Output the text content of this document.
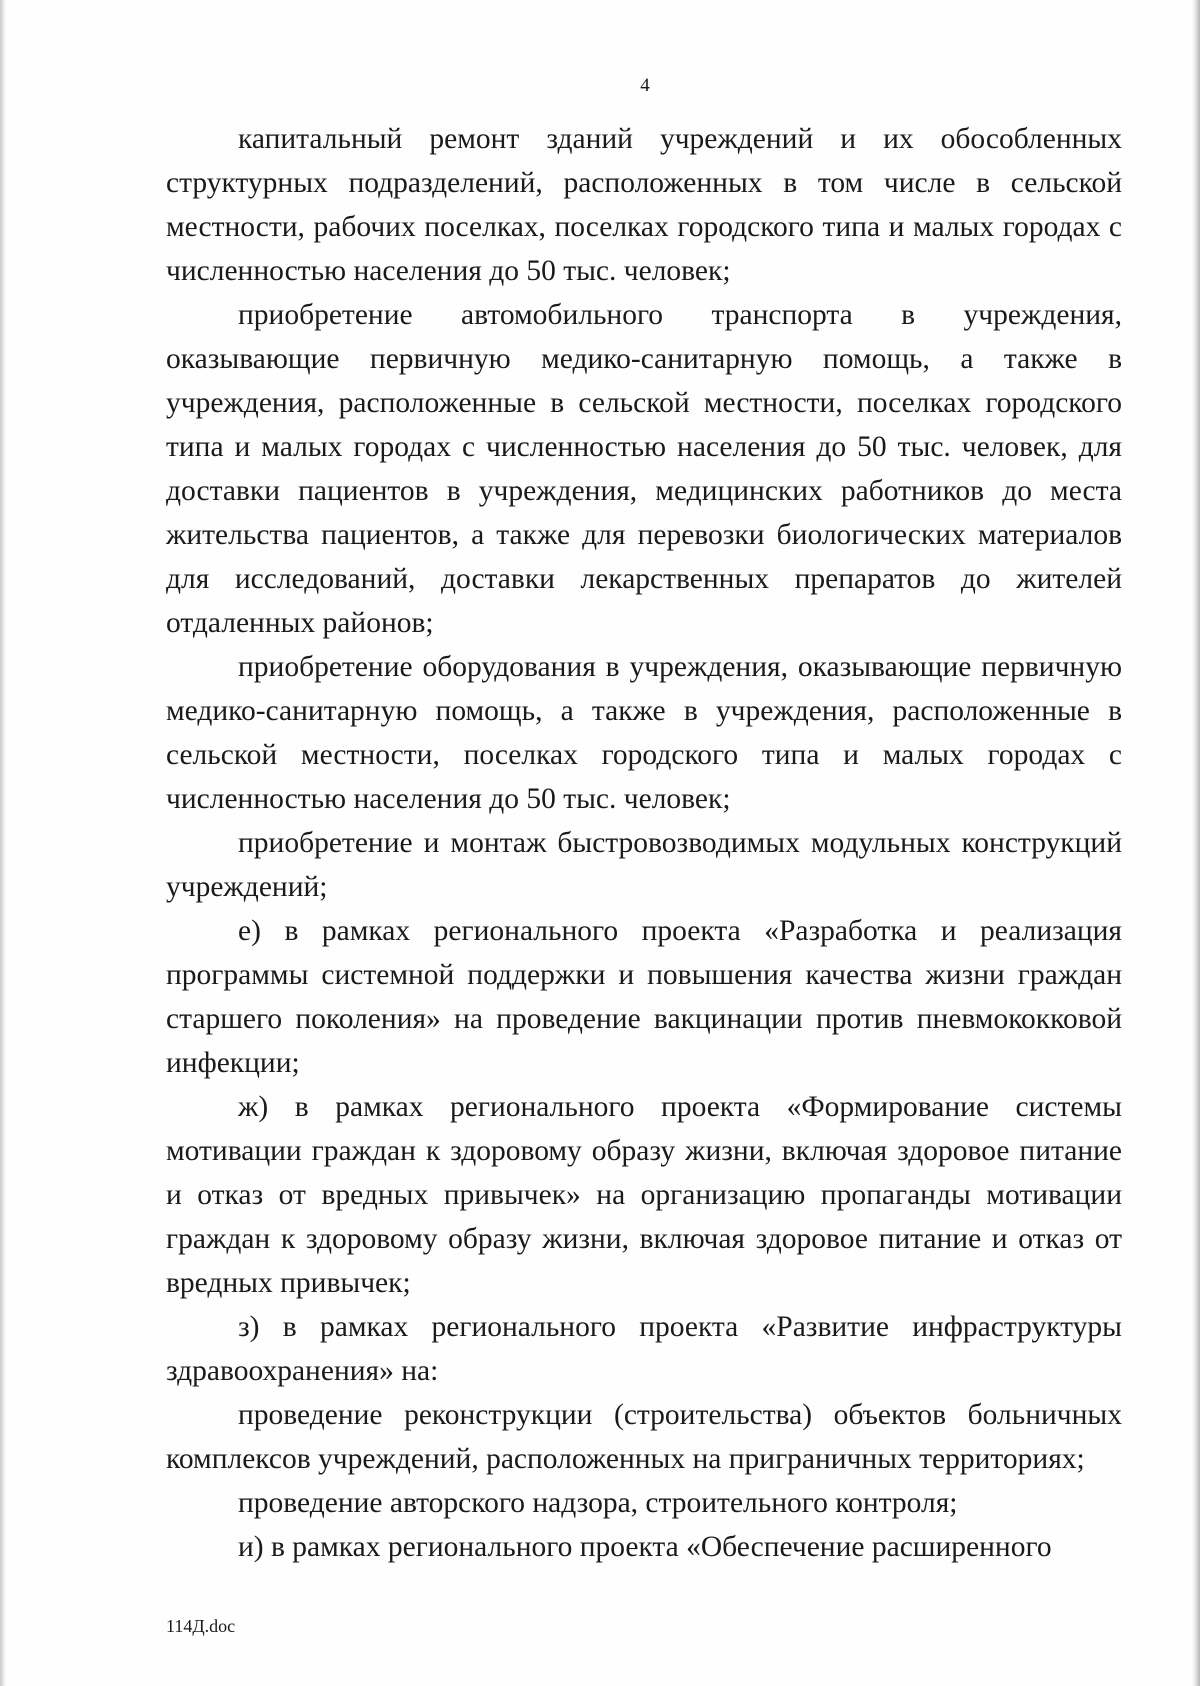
4

капитальный ремонт зданий учреждений и их обособленных структурных подразделений, расположенных в том числе в сельской местности, рабочих поселках, поселках городского типа и малых городах с численностью населения до 50 тыс. человек;

приобретение автомобильного транспорта в учреждения, оказывающие первичную медико-санитарную помощь, а также в учреждения, расположенные в сельской местности, поселках городского типа и малых городах с численностью населения до 50 тыс. человек, для доставки пациентов в учреждения, медицинских работников до места жительства пациентов, а также для перевозки биологических материалов для исследований, доставки лекарственных препаратов до жителей отдаленных районов;

приобретение оборудования в учреждения, оказывающие первичную медико-санитарную помощь, а также в учреждения, расположенные в сельской местности, поселках городского типа и малых городах с численностью населения до 50 тыс. человек;

приобретение и монтаж быстровозводимых модульных конструкций учреждений;

е) в рамках регионального проекта «Разработка и реализация программы системной поддержки и повышения качества жизни граждан старшего поколения» на проведение вакцинации против пневмококковой инфекции;

ж) в рамках регионального проекта «Формирование системы мотивации граждан к здоровому образу жизни, включая здоровое питание и отказ от вредных привычек» на организацию пропаганды мотивации граждан к здоровому образу жизни, включая здоровое питание и отказ от вредных привычек;

з) в рамках регионального проекта «Развитие инфраструктуры здравоохранения» на:

проведение реконструкции (строительства) объектов больничных комплексов учреждений, расположенных на приграничных территориях;

проведение авторского надзора, строительного контроля;

и) в рамках регионального проекта «Обеспечение расширенного

114Д.doc
